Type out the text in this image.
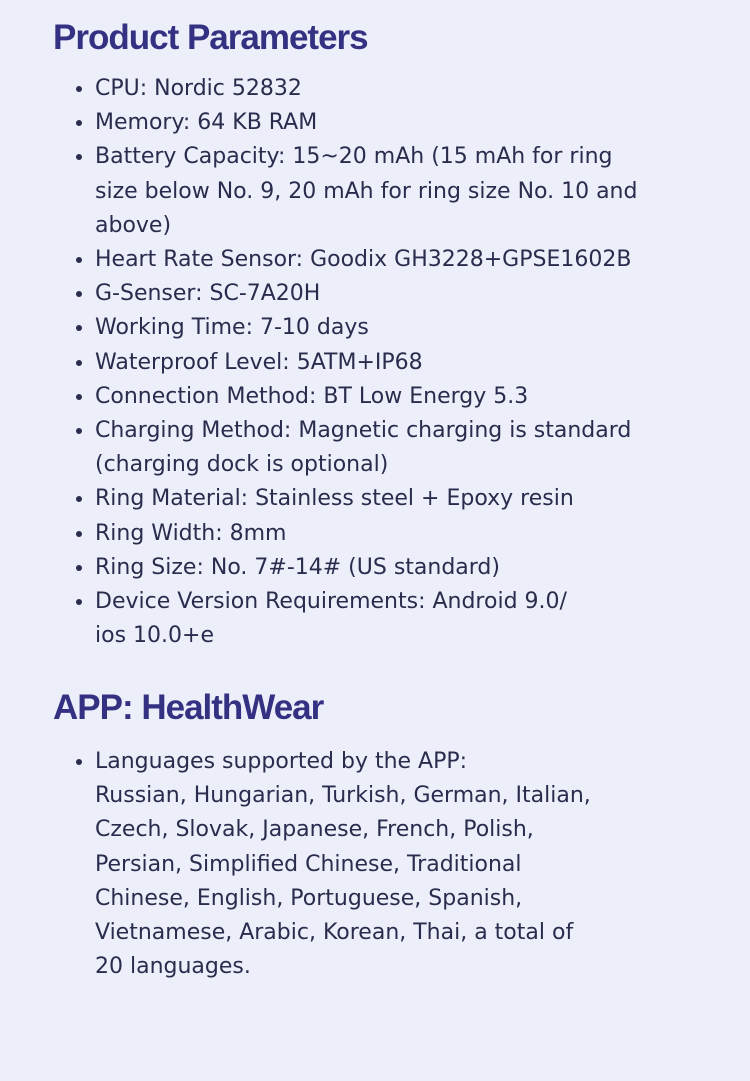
Product Parameters
CPU: Nordic 52832
Memory: 64 KB RAM
Battery Capacity: 15~20 mAh (15 mAh for ring
size below No. 9, 20 mAh for ring size No. 10 and
above)
Heart Rate Sensor: Goodix GH3228+GPSE1602B
G-Senser: SC-7A20H
Working Time: 7-10 days
Waterproof Level: 5ATM+IP68
Connection Method: BT Low Energy 5.3
Charging Method: Magnetic charging is standard
(charging dock is optional)
Ring Material: Stainless steel + Epoxy resin
Ring Width: 8mm
Ring Size: No. 7#-14# (US standard)
Device Version Requirements: Android 9.0/
ios 10.0+e
APP: HealthWear
Languages supported by the APP:
Russian, Hungarian, Turkish, German, Italian,
Czech, Slovak, Japanese, French, Polish,
Persian, Simplified Chinese, Traditional
Chinese, English, Portuguese, Spanish,
Vietnamese, Arabic, Korean, Thai, a total of
20 languages.
